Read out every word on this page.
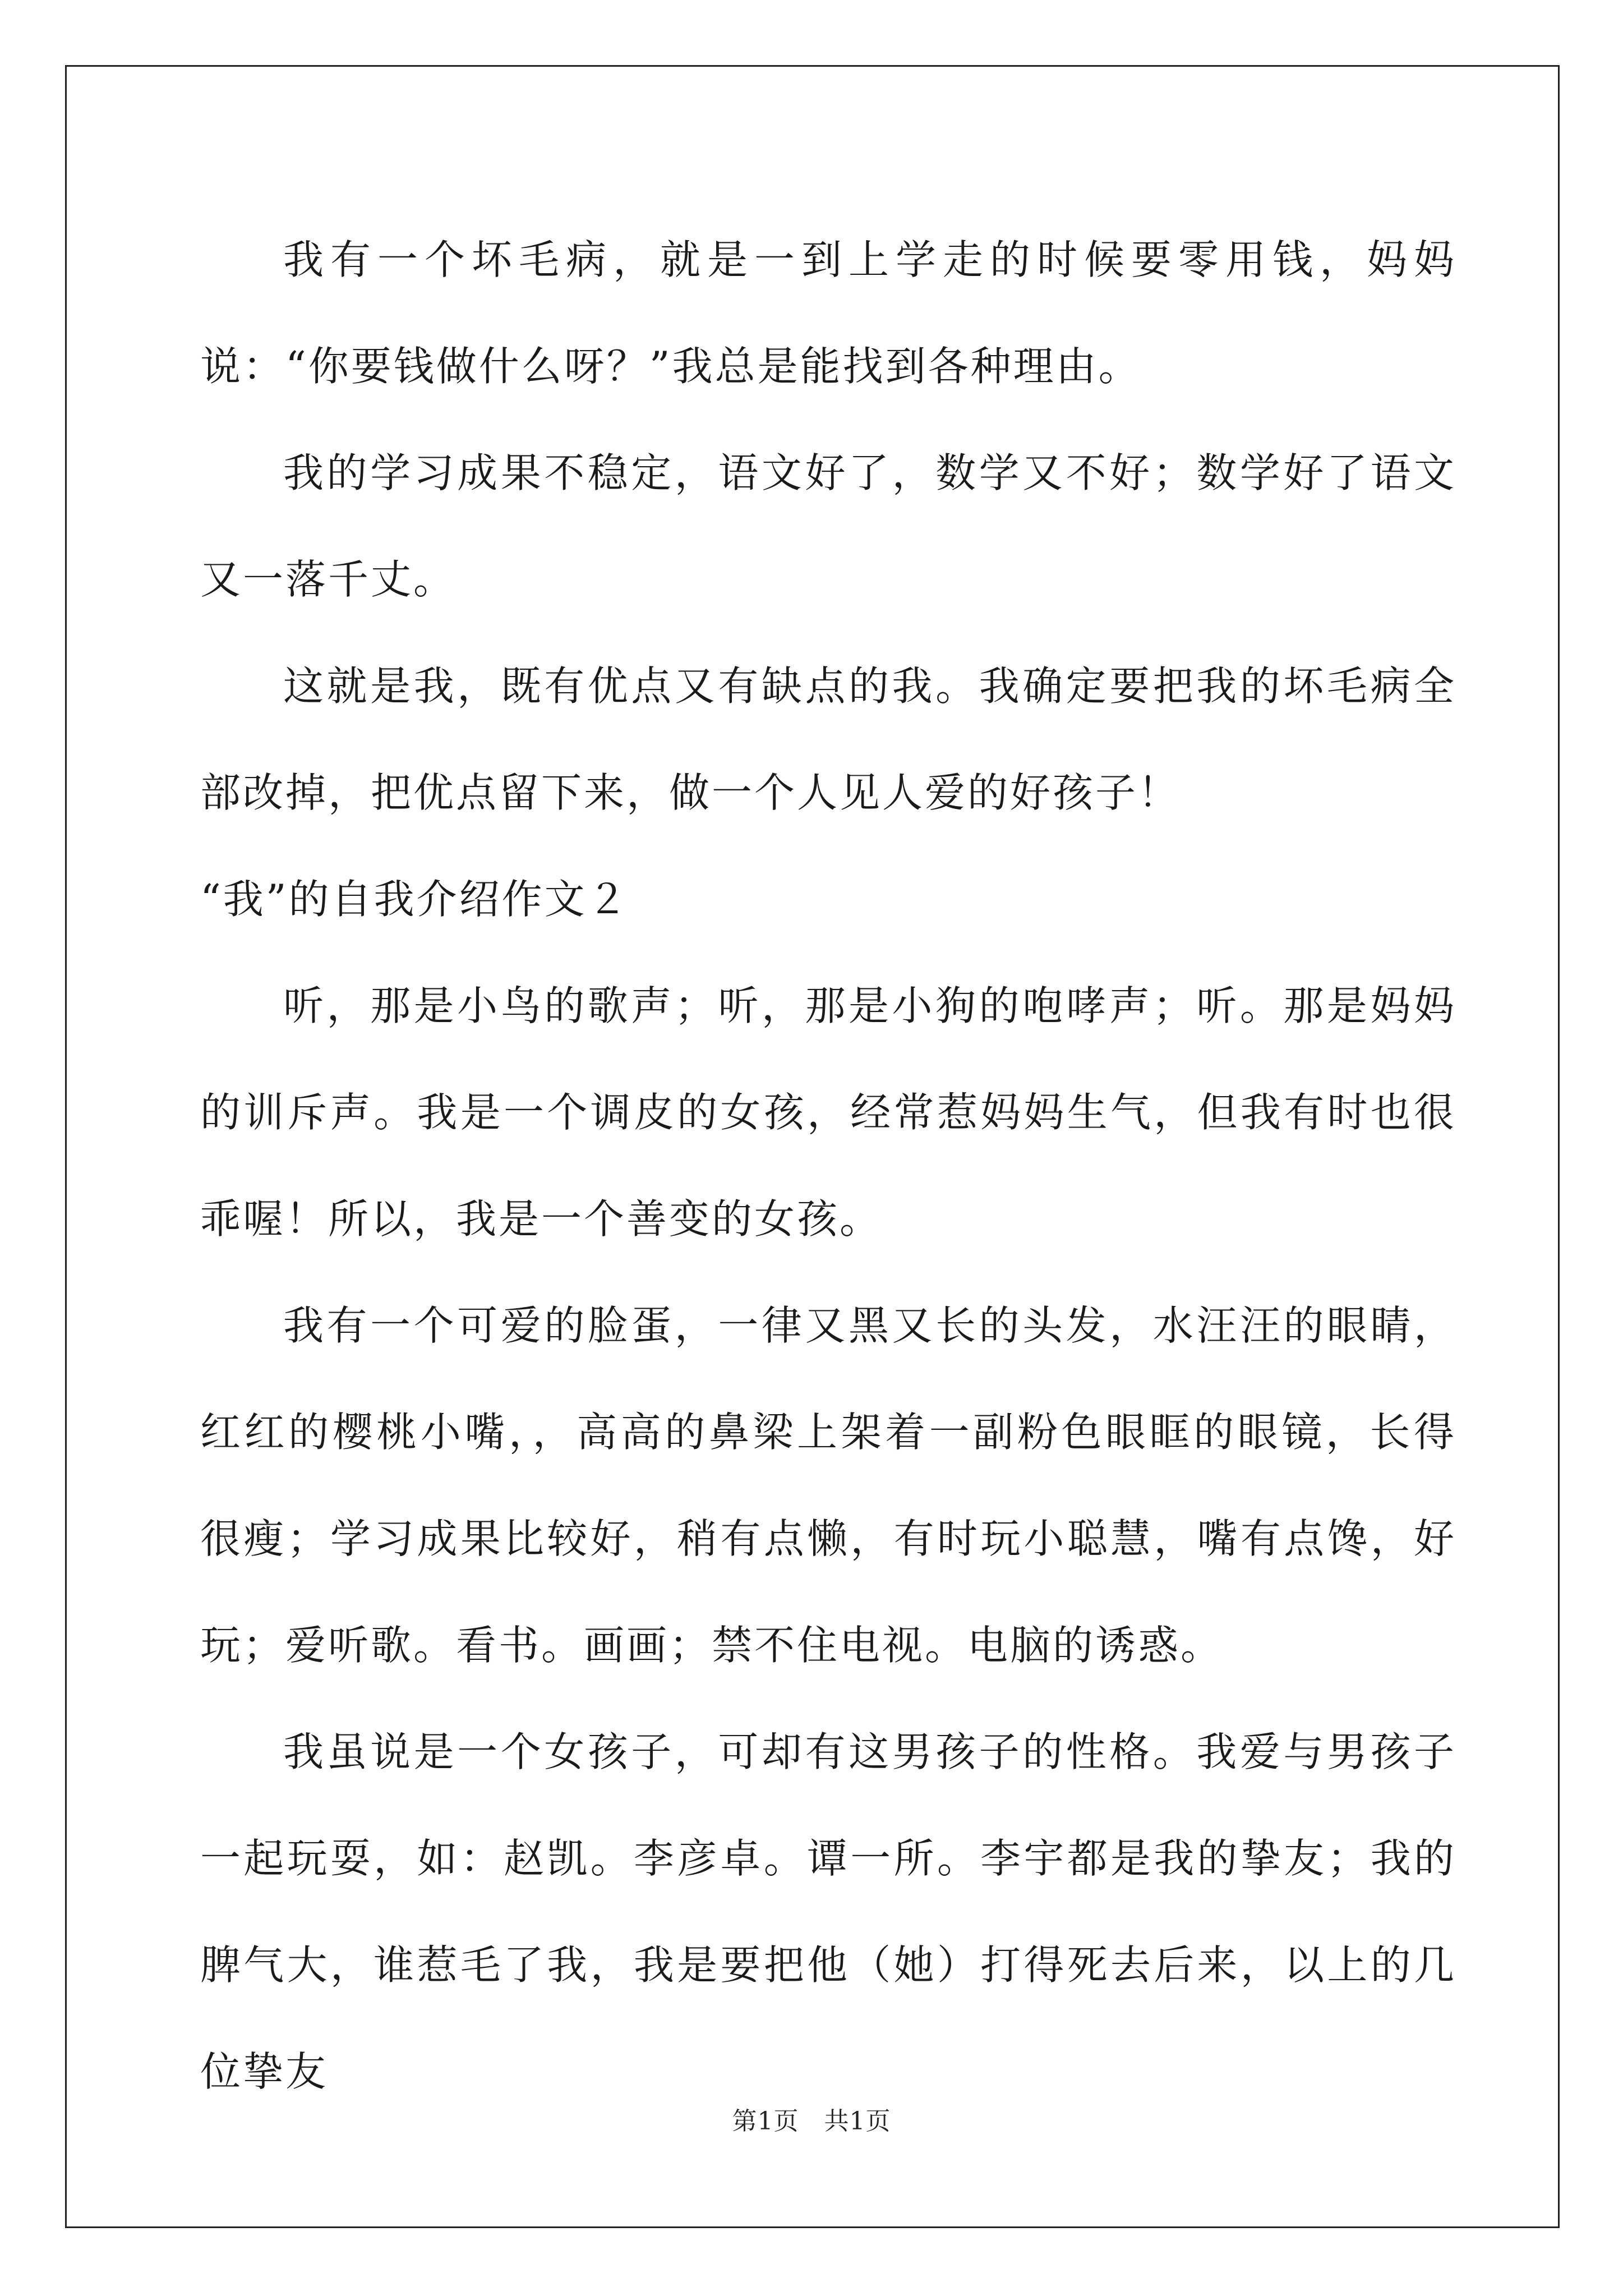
我有一个坏毛病，就是一到上学走的时候要零用钱，妈妈说：“你要钱做什么呀？”我总是能找到各种理由。

我的学习成果不稳定，语文好了，数学又不好；数学好了语文又一落千丈。

这就是我，既有优点又有缺点的我。我确定要把我的坏毛病全部改掉，把优点留下来，做一个人见人爱的好孩子！

“我”的自我介绍作文２

听，那是小鸟的歌声；听，那是小狗的咆哮声；听。那是妈妈的训斥声。我是一个调皮的女孩，经常惹妈妈生气，但我有时也很乖喔！所以，我是一个善变的女孩。

我有一个可爱的脸蛋，一律又黑又长的头发，水汪汪的眼睛，红红的樱桃小嘴，，高高的鼻梁上架着一副粉色眼眶的眼镜，长得很瘦；学习成果比较好，稍有点懒，有时玩小聪慧，嘴有点馋，好玩；爱听歌。看书。画画；禁不住电视。电脑的诱惑。

我虽说是一个女孩子，可却有这男孩子的性格。我爱与男孩子一起玩耍，如：赵凯。李彦卓。谭一所。李宇都是我的挚友；我的脾气大，谁惹毛了我，我是要把他（她）打得死去后来，以上的几位挚友

第1页　共1页
